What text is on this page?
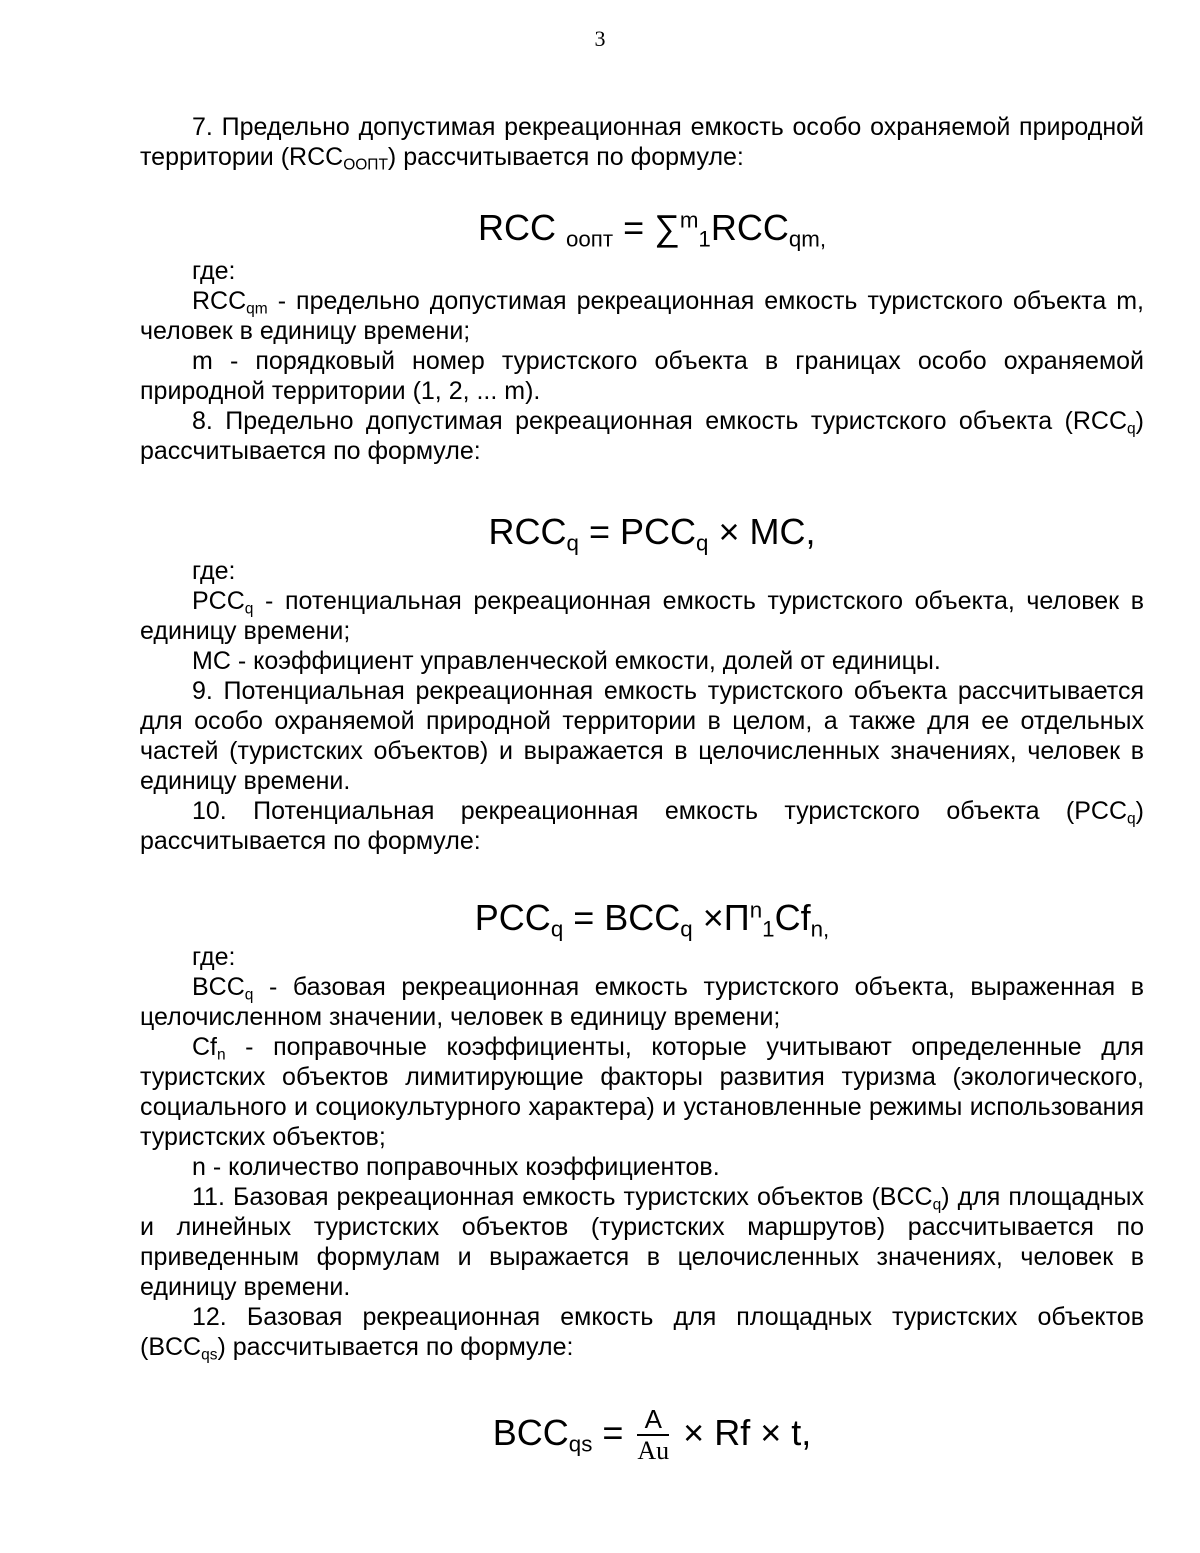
3

7. Предельно допустимая рекреационная емкость особо охраняемой природной территории $(RCC_{ООПТ})$ рассчитывается по формуле:

RCC оопт = ∑$^m$1RCCqm,

где:

$RCC_{qm}$ - предельно допустимая рекреационная емкость туристского объекта m, человек в единицу времени;

m - порядковый номер туристского объекта в границах особо охраняемой природной территории (1, 2, ... m).

8. Предельно допустимая рекреационная емкость туристского объекта $(RCC_q)$ рассчитывается по формуле:

RCCq = PCCq × MC,

где:

$PCC_q$ - потенциальная рекреационная емкость туристского объекта, человек в единицу времени;

MC - коэффициент управленческой емкости, долей от единицы.

9. Потенциальная рекреационная емкость туристского объекта рассчитывается для особо охраняемой природной территории в целом, а также для ее отдельных частей (туристских объектов) и выражается в целочисленных значениях, человек в единицу времени.

10. Потенциальная рекреационная емкость туристского объекта $(PCC_q)$ рассчитывается по формуле:

PCCq = BCCq $\times\Pi^n1Cfn$,

где:

$BCC_q$ - базовая рекреационная емкость туристского объекта, выраженная в целочисленном значении, человек в единицу времени;

$Cf_n$ - поправочные коэффициенты, которые учитывают определенные для туристских объектов лимитирующие факторы развития туризма (экологического, социального и социокультурного характера) и установленные режимы использования туристских объектов;

n - количество поправочных коэффициентов.

11. Базовая рекреационная емкость туристских объектов $(BCC_q)$ для площадных и линейных туристских объектов (туристских маршрутов) рассчитывается по приведенным формулам и выражается в целочисленных значениях, человек в единицу времени.

12. Базовая рекреационная емкость для площадных туристских объектов $(BCC_{qs})$ рассчитывается по формуле:

BCCqs = $\frac{A}{Au} \times Rf \times t$,
